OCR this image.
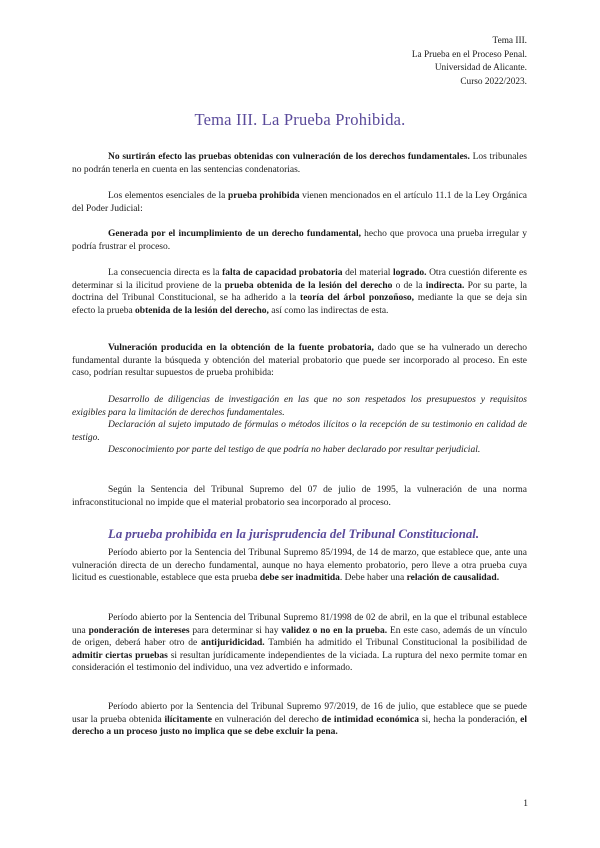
Tema III.
La Prueba en el Proceso Penal.
Universidad de Alicante.
Curso 2022/2023.
Tema III. La Prueba Prohibida.

No surtirán efecto las pruebas obtenidas con vulneración de los derechos fundamentales. Los tribunales no podrán tenerla en cuenta en las sentencias condenatorias.

Los elementos esenciales de la prueba prohibida vienen mencionados en el artículo 11.1 de la Ley Orgánica del Poder Judicial:

Generada por el incumplimiento de un derecho fundamental, hecho que provoca una prueba irregular y podría frustrar el proceso.

La consecuencia directa es la falta de capacidad probatoria del material logrado. Otra cuestión diferente es determinar si la ilicitud proviene de la prueba obtenida de la lesión del derecho o de la indirecta. Por su parte, la doctrina del Tribunal Constitucional, se ha adherido a la teoría del árbol ponzoñoso, mediante la que se deja sin efecto la prueba obtenida de la lesión del derecho, así como las indirectas de esta.

Vulneración producida en la obtención de la fuente probatoria, dado que se ha vulnerado un derecho fundamental durante la búsqueda y obtención del material probatorio que puede ser incorporado al proceso. En este caso, podrían resultar supuestos de prueba prohibida:

Desarrollo de diligencias de investigación en las que no son respetados los presupuestos y requisitos exigibles para la limitación de derechos fundamentales.

Declaración al sujeto imputado de fórmulas o métodos ilícitos o la recepción de su testimonio en calidad de testigo.

Desconocimiento por parte del testigo de que podría no haber declarado por resultar perjudicial.

Según la Sentencia del Tribunal Supremo del 07 de julio de 1995, la vulneración de una norma infraconstitucional no impide que el material probatorio sea incorporado al proceso.

La prueba prohibida en la jurisprudencia del Tribunal Constitucional.

Período abierto por la Sentencia del Tribunal Supremo 85/1994, de 14 de marzo, que establece que, ante una vulneración directa de un derecho fundamental, aunque no haya elemento probatorio, pero lleve a otra prueba cuya licitud es cuestionable, establece que esta prueba debe ser inadmitida. Debe haber una relación de causalidad.

Período abierto por la Sentencia del Tribunal Supremo 81/1998 de 02 de abril, en la que el tribunal establece una ponderación de intereses para determinar si hay validez o no en la prueba. En este caso, además de un vínculo de origen, deberá haber otro de antijuridicidad. También ha admitido el Tribunal Constitucional la posibilidad de admitir ciertas pruebas si resultan jurídicamente independientes de la viciada. La ruptura del nexo permite tomar en consideración el testimonio del individuo, una vez advertido e informado.

Período abierto por la Sentencia del Tribunal Supremo 97/2019, de 16 de julio, que establece que se puede usar la prueba obtenida ilícitamente en vulneración del derecho de intimidad económica si, hecha la ponderación, el derecho a un proceso justo no implica que se debe excluir la pena.

1
